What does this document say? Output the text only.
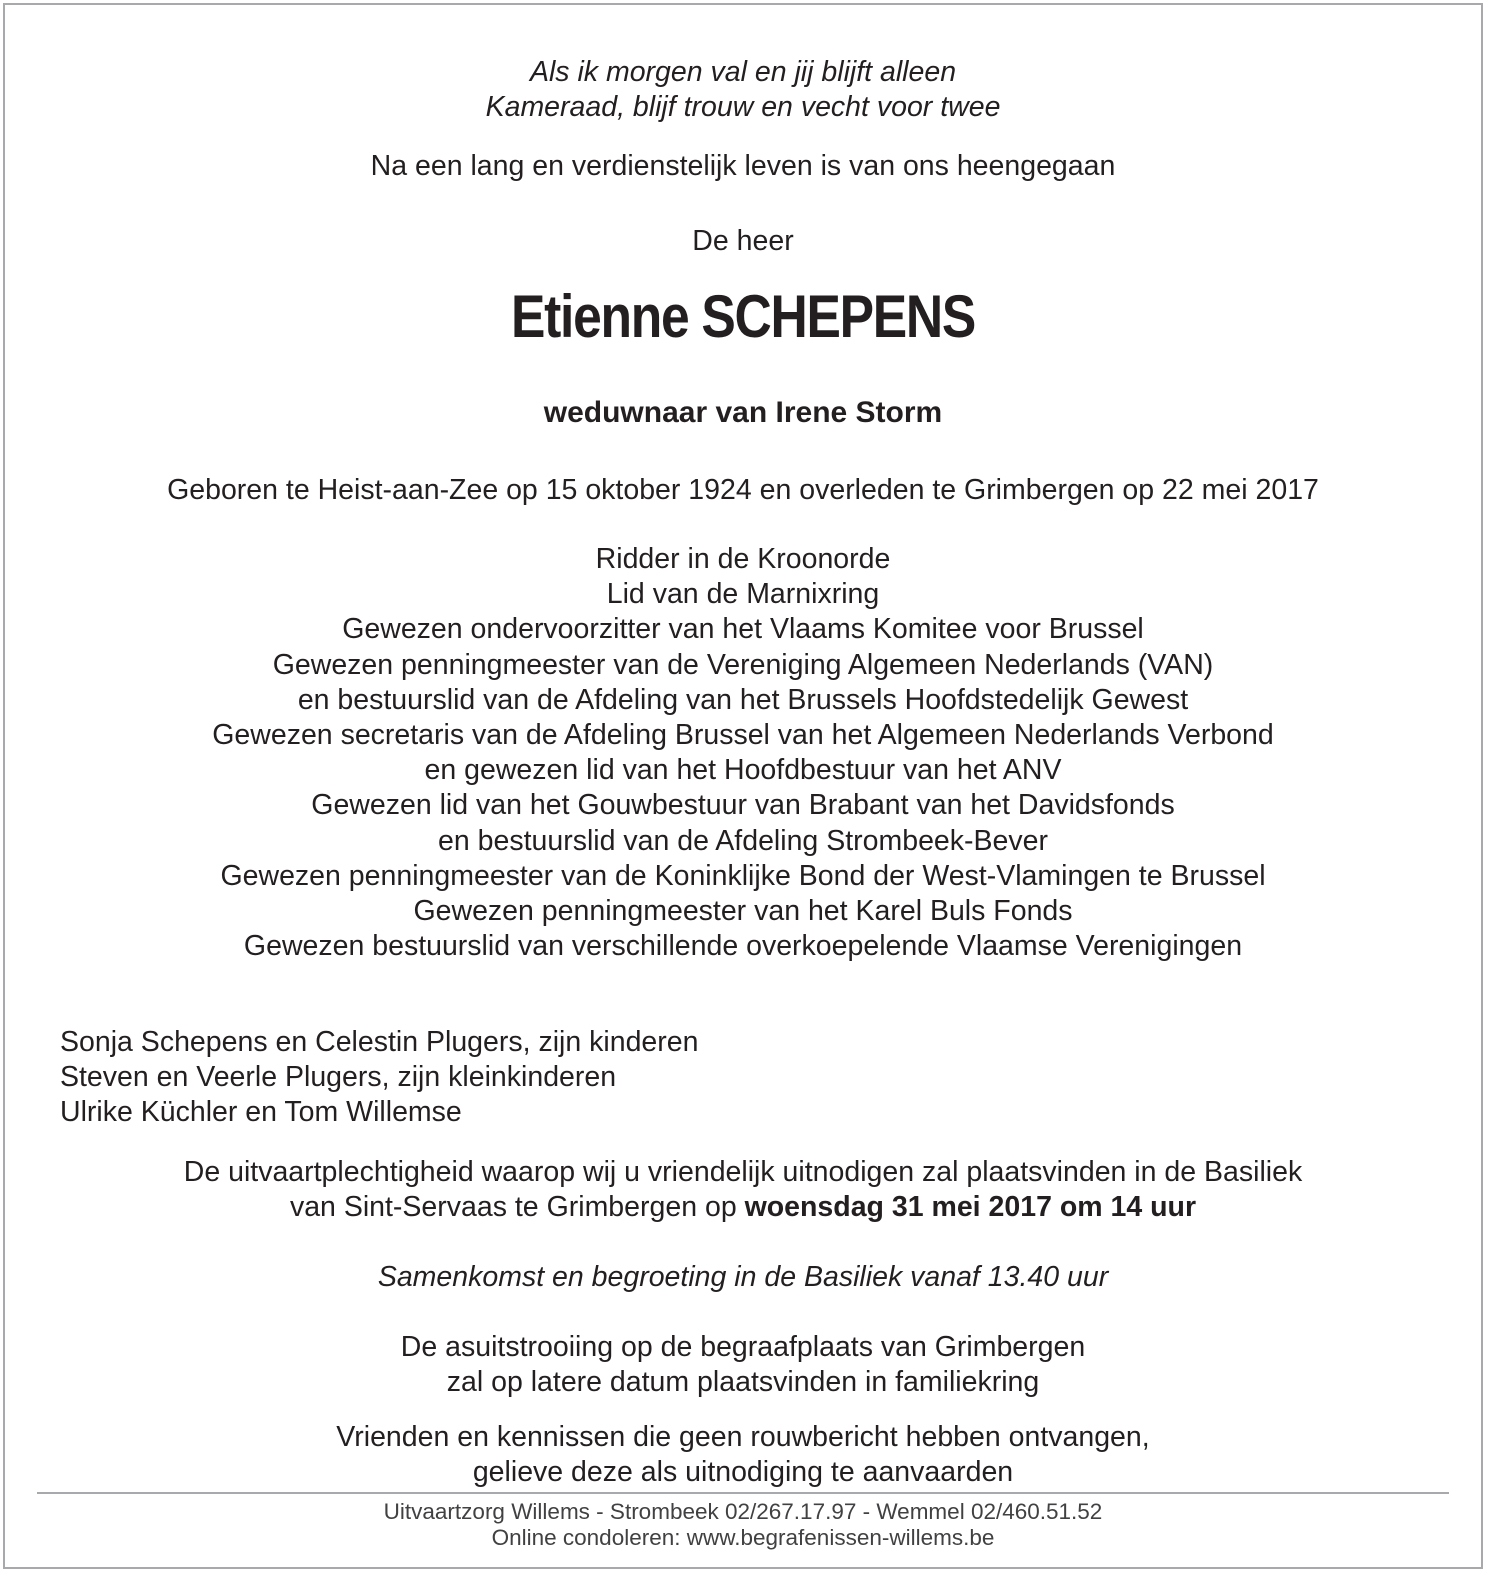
Als ik morgen val en jij blijft alleen
Kameraad, blijf trouw en vecht voor twee

Na een lang en verdienstelijk leven is van ons heengegaan

De heer

Etienne SCHEPENS

weduwnaar van Irene Storm

Geboren te Heist-aan-Zee op 15 oktober 1924 en overleden te Grimbergen op 22 mei 2017

Ridder in de Kroonorde
Lid van de Marnixring
Gewezen ondervoorzitter van het Vlaams Komitee voor Brussel
Gewezen penningmeester van de Vereniging Algemeen Nederlands (VAN)
en bestuurslid van de Afdeling van het Brussels Hoofdstedelijk Gewest
Gewezen secretaris van de Afdeling Brussel van het Algemeen Nederlands Verbond
en gewezen lid van het Hoofdbestuur van het ANV
Gewezen lid van het Gouwbestuur van Brabant van het Davidsfonds
en bestuurslid van de Afdeling Strombeek-Bever
Gewezen penningmeester van de Koninklijke Bond der West-Vlamingen te Brussel
Gewezen penningmeester van het Karel Buls Fonds
Gewezen bestuurslid van verschillende overkoepelende Vlaamse Verenigingen
Sonja Schepens en Celestin Plugers, zijn kinderen
Steven en Veerle Plugers, zijn kleinkinderen
Ulrike Küchler en Tom Willemse

De uitvaartplechtigheid waarop wij u vriendelijk uitnodigen zal plaatsvinden in de Basiliek
van Sint-Servaas te Grimbergen op woensdag 31 mei 2017 om 14 uur

Samenkomst en begroeting in de Basiliek vanaf 13.40 uur

De asuitstrooiing op de begraafplaats van Grimbergen
zal op latere datum plaatsvinden in familiekring

Vrienden en kennissen die geen rouwbericht hebben ontvangen,
gelieve deze als uitnodiging te aanvaarden

Uitvaartzorg Willems - Strombeek 02/267.17.97 - Wemmel 02/460.51.52
Online condoleren: www.begrafenissen-willems.be
